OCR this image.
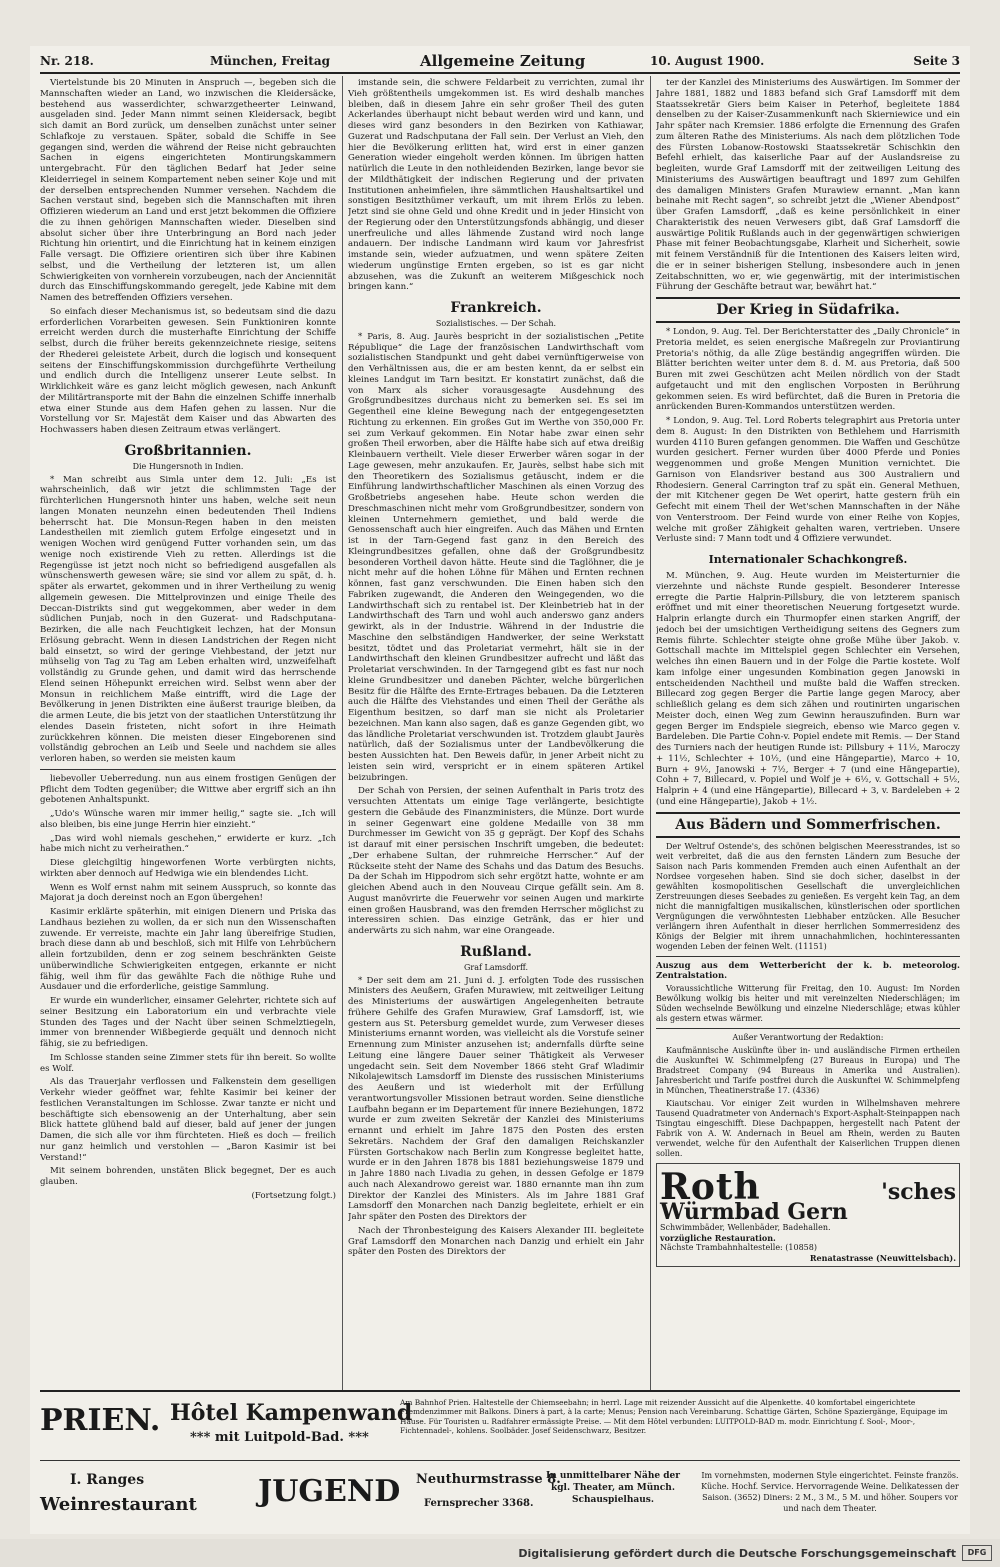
Nr. 218.	München, Freitag	Allgemeine Zeitung	10. August 1900.	Seite 3

Viertelstunde bis 20 Minuten in Anspruch —, begeben sich die Mannschaften wieder an Land, wo inzwischen die Kleidersäcke, bestehend aus wasserdichter, schwarzgetheerter Leinwand, ausgeladen sind. Jeder Mann nimmt seinen Kleidersack, begibt sich damit an Bord zurück, um denselben zunächst unter seiner Schlafkoje zu verstauen. Später, sobald die Schiffe in See gegangen sind, werden die während der Reise nicht gebrauchten Sachen in eigens eingerichteten Montirungskammern untergebracht. Für den täglichen Bedarf hat Jeder seine Kleiderriegel in seinem Kompartement neben seiner Koje und mit der derselben entsprechenden Nummer versehen. Nachdem die Sachen verstaut sind, begeben sich die Mannschaften mit ihren Offizieren wiederum an Land und erst jetzt bekommen die Offiziere die zu ihnen gehörigen Mannschaften wieder. Dieselben sind absolut sicher über ihre Unterbringung an Bord nach jeder Richtung hin orientirt, und die Einrichtung hat in keinem einzigen Falle versagt. Die Offiziere orientiren sich über ihre Kabinen selbst, und die Vertheilung der letzteren ist, um allen Schwierigkeiten von vornherein vorzubeugen, nach der Anciennität durch das Einschiffungskommando geregelt, jede Kabine mit dem Namen des betreffenden Offiziers versehen.

So einfach dieser Mechanismus ist, so bedeutsam sind die dazu erforderlichen Vorarbeiten gewesen. Sein Funktioniren konnte erreicht werden durch die musterhafte Einrichtung der Schiffe selbst, durch die früher bereits gekennzeichnete riesige, seitens der Rhederei geleistete Arbeit, durch die logisch und konsequent seitens der Einschiffungskommission durchgeführte Vertheilung und endlich durch die Intelligenz unserer Leute selbst. In Wirklichkeit wäre es ganz leicht möglich gewesen, nach Ankunft der Militärtransporte mit der Bahn die einzelnen Schiffe innerhalb etwa einer Stunde aus dem Hafen gehen zu lassen. Nur die Vorstellung vor Sr. Majestät dem Kaiser und das Abwarten des Hochwassers haben diesen Zeitraum etwas verlängert.

Großbritannien.
Die Hungersnoth in Indien.

* Man schreibt aus Simla unter dem 12. Juli: „Es ist wahrscheinlich, daß wir jetzt die schlimmsten Tage der fürchterlichen Hungersnoth hinter uns haben, welche seit neun langen Monaten neunzehn einen bedeutenden Theil Indiens beherrscht hat. Die Monsun-Regen haben in den meisten Landestheilen mit ziemlich gutem Erfolge eingesetzt und in wenigen Wochen wird genügend Futter vorhanden sein, um das wenige noch existirende Vieh zu retten. Allerdings ist die Regengüsse ist jetzt noch nicht so befriedigend ausgefallen als wünschenswerth gewesen wäre; sie sind vor allem zu spät, d. h. später als erwartet, gekommen und in ihrer Vertheilung zu wenig allgemein gewesen. Die Mittelprovinzen und einige Theile des Deccan-Distrikts sind gut weggekommen, aber weder in dem südlichen Punjab, noch in den Guzerat- und Radschputana-Bezirken, die alle nach Feuchtigkeit lechzen, hat der Monsun Erlösung gebracht. Wenn in diesen Landstrichen der Regen nicht bald einsetzt, so wird der geringe Viehbestand, der jetzt nur mühselig von Tag zu Tag am Leben erhalten wird, unzweifelhaft vollständig zu Grunde gehen, und damit wird das herrschende Elend seinen Höhepunkt erreichen wird. Selbst wenn aber der Monsun in reichlichem Maße eintrifft, wird die Lage der Bevölkerung in jenen Distrikten eine äußerst traurige bleiben, da die armen Leute, die bis jetzt von der staatlichen Unterstützung ihr elendes Dasein fristeten, nicht sofort in ihre Heimath zurückkehren können. Die meisten dieser Eingeborenen sind vollständig gebrochen an Leib und Seele und nachdem sie alles verloren haben, so werden sie meisten kaum

liebevoller Ueberredung. nun aus einem frostigen Genügen der Pflicht dem Todten gegenüber; die Wittwe aber ergriff sich an ihn gebotenen Anhaltspunkt.

„Udo's Wünsche waren mir immer heilig,“ sagte sie. „Ich will also bleiben, bis eine junge Herrin hier einzieht.“

„Das wird wohl niemals geschehen,“ erwiderte er kurz. „Ich habe mich nicht zu verheirathen.“

Diese gleichgiltig hingeworfenen Worte verbürgten nichts, wirkten aber dennoch auf Hedwiga wie ein blendendes Licht.

Wenn es Wolf ernst nahm mit seinem Ausspruch, so konnte das Majorat ja doch dereinst noch an Egon übergehen!

Kasimir erklärte späterhin, mit einigen Dienern und Priska das Landhaus beziehen zu wollen, da er sich nun den Wissenschaften zuwende. Er verreiste, machte ein Jahr lang übereifrige Studien, brach diese dann ab und beschloß, sich mit Hilfe von Lehrbüchern allein fortzubilden, denn er zog seinem beschränkten Geiste unüberwindliche Schwierigkeiten entgegen, erkannte er nicht fähig, weil ihm für das gewählte Fach die nöthige Ruhe und Ausdauer und die erforderliche, geistige Sammlung.

Er wurde ein wunderlicher, einsamer Gelehrter, richtete sich auf seiner Besitzung ein Laboratorium ein und verbrachte viele Stunden des Tages und der Nacht über seinen Schmelztiegeln, immer von brennender Wißbegierde gequält und dennoch nicht fähig, sie zu befriedigen.

Im Schlosse standen seine Zimmer stets für ihn bereit. So wollte es Wolf.

Als das Trauerjahr verflossen und Falkenstein dem geselligen Verkehr wieder geöffnet war, fehlte Kasimir bei keiner der festlichen Veranstaltungen im Schlosse. Zwar tanzte er nicht und beschäftigte sich ebensowenig an der Unterhaltung, aber sein Blick hattete glühend bald auf dieser, bald auf jener der jungen Damen, die sich alle vor ihm fürchteten. Hieß es doch — freilich nur ganz heimlich und verstohlen — „Baron Kasimir ist bei Verstand!“

Mit seinem bohrenden, unstäten Blick begegnet, Der es auch glauben.

(Fortsetzung folgt.)

imstande sein, die schwere Feldarbeit zu verrichten, zumal ihr Vieh größtentheils umgekommen ist. Es wird deshalb manches bleiben, daß in diesem Jahre ein sehr großer Theil des guten Ackerlandes überhaupt nicht bebaut werden wird und kann, und dieses wird ganz besonders in den Bezirken von Kathiawar, Guzerat und Radschputana der Fall sein. Der Verlust an Vieh, den hier die Bevölkerung erlitten hat, wird erst in einer ganzen Generation wieder eingeholt werden können. Im übrigen hatten natürlich die Leute in den nothleidenden Bezirken, lange bevor sie der Mildthätigkeit der indischen Regierung und der privaten Institutionen anheimfielen, ihre sämmtlichen Haushaltsartikel und sonstigen Besitzthümer verkauft, um mit ihrem Erlös zu leben. Jetzt sind sie ohne Geld und ohne Kredit und in jeder Hinsicht von der Regierung oder den Unterstützungsfonds abhängig, und dieser unerfreuliche und alles lähmende Zustand wird noch lange andauern. Der indische Landmann wird kaum vor Jahresfrist imstande sein, wieder aufzuatmen, und wenn spätere Zeiten wiederum ungünstige Ernten ergeben, so ist es gar nicht abzusehen, was die Zukunft an weiterem Mißgeschick noch bringen kann.“

Frankreich.
Sozialistisches. — Der Schah.

* Paris, 8. Aug. Jaurès bespricht in der sozialistischen „Petite République“ die Lage der französischen Landwirthschaft vom sozialistischen Standpunkt und geht dabei vernünftigerweise von den Verhältnissen aus, die er am besten kennt, da er selbst ein kleines Landgut im Tarn besitzt. Er konstatirt zunächst, daß die von Marx als sicher vorausgesagte Ausdehnung des Großgrundbesitzes durchaus nicht zu bemerken sei. Es sei im Gegentheil eine kleine Bewegung nach der entgegengesetzten Richtung zu erkennen. Ein großes Gut im Werthe von 350,000 Fr. sei zum Verkauf gekommen. Ein Notar habe zwar einen sehr großen Theil erworben, aber die Hälfte habe sich auf etwa dreißig Kleinbauern vertheilt. Viele dieser Erwerber wären sogar in der Lage gewesen, mehr anzukaufen. Er, Jaurès, selbst habe sich mit den Theoretikern des Sozialismus getäuscht, indem er die Einführung landwirthschaftlicher Maschinen als einen Vorzug des Großbetriebs angesehen habe. Heute schon werden die Dreschmaschinen nicht mehr vom Großgrundbesitzer, sondern von kleinen Unternehmern gemiethet, und bald werde die Genossenschaft auch hier eingreifen. Auch das Mähen und Ernten ist in der Tarn-Gegend fast ganz in den Bereich des Kleingrundbesitzes gefallen, ohne daß der Großgrundbesitz besonderen Vortheil davon hätte. Heute sind die Taglöhner, die je nicht mehr auf die hohen Löhne für Mähen und Ernten rechnen können, fast ganz verschwunden. Die Einen haben sich den Fabriken zugewandt, die Anderen den Weingegenden, wo die Landwirthschaft sich zu rentabel ist. Der Kleinbetrieb hat in der Landwirthschaft des Tarn und wohl auch anderswo ganz anders gewirkt, als in der Industrie. Während in der Industrie die Maschine den selbständigen Handwerker, der seine Werkstatt besitzt, tödtet und das Proletariat vermehrt, hält sie in der Landwirthschaft den kleinen Grundbesitzer aufrecht und läßt das Proletariat verschwinden. In der Tarngegend gibt es fast nur noch kleine Grundbesitzer und daneben Pächter, welche bürgerlichen Besitz für die Hälfte des Ernte-Ertrages bebauen. Da die Letzteren auch die Hälfte des Viehstandes und einen Theil der Geräthe als Eigenthum besitzen, so darf man sie nicht als Proletarier bezeichnen. Man kann also sagen, daß es ganze Gegenden gibt, wo das ländliche Proletariat verschwunden ist. Trotzdem glaubt Jaurès natürlich, daß der Sozialismus unter der Landbevölkerung die besten Aussichten hat. Den Beweis dafür, in jener Arbeit nicht zu leisten sein wird, verspricht er in einem späteren Artikel beizubringen.

Der Schah von Persien, der seinen Aufenthalt in Paris trotz des versuchten Attentats um einige Tage verlängerte, besichtigte gestern die Gebäude des Finanzministers, die Münze. Dort wurde in seiner Gegenwart eine goldene Medaille von 38 mm Durchmesser im Gewicht von 35 g geprägt. Der Kopf des Schahs ist darauf mit einer persischen Inschrift umgeben, die bedeutet: „Der erhabene Sultan, der ruhmreiche Herrscher.“ Auf der Rückseite steht der Name des Schahs und das Datum des Besuchs. Da der Schah im Hippodrom sich sehr ergötzt hatte, wohnte er am gleichen Abend auch in den Nouveau Cirque gefällt sein. Am 8. August manövrirte die Feuerwehr vor seinen Augen und markirte einen großen Hausbrand, was den fremden Herrscher möglichst zu interessiren schien. Das einzige Getränk, das er hier und anderwärts zu sich nahm, war eine Orangeade.

Rußland.
Graf Lamsdorff.

* Der seit dem am 21. Juni d. J. erfolgten Tode des russischen Ministers des Aeußern, Grafen Murawiew, mit zeitweiliger Leitung des Ministeriums der auswärtigen Angelegenheiten betraute frühere Gehilfe des Grafen Murawiew, Graf Lamsdorff, ist, wie gestern aus St. Petersburg gemeldet wurde, zum Verweser dieses Ministeriums ernannt worden, was vielleicht als die Vorstufe seiner Ernennung zum Minister anzusehen ist; andernfalls dürfte seine Leitung eine längere Dauer seiner Thätigkeit als Verweser ungedacht sein. Seit dem November 1866 steht Graf Wladimir Nikolajewitsch Lamsdorff im Dienste des russischen Ministeriums des Aeußern und ist wiederholt mit der Erfüllung verantwortungsvoller Missionen betraut worden. Seine dienstliche Laufbahn begann er im Departement für innere Beziehungen, 1872 wurde er zum zweiten Sekretär der Kanzlei des Ministeriums ernannt und erhielt im Jahre 1875 den Posten des ersten Sekretärs. Nachdem der Graf den damaligen Reichskanzler Fürsten Gortschakow nach Berlin zum Kongresse begleitet hatte, wurde er in den Jahren 1878 bis 1881 beziehungsweise 1879 und in Jahre 1880 nach Livadia zu gehen, in dessen Gefolge er 1879 auch nach Alexandrowo gereist war. 1880 ernannte man ihn zum Direktor der Kanzlei des Ministers. Als im Jahre 1881 Graf Lamsdorff den Monarchen nach Danzig begleitete, erhielt er ein Jahr später den Posten des Direktors der

Nach der Thronbesteigung des Kaisers Alexander III. begleitete Graf Lamsdorff den Monarchen nach Danzig und erhielt ein Jahr später den Posten des Direktors der

ter der Kanzlei des Ministeriums des Auswärtigen. Im Sommer der Jahre 1881, 1882 und 1883 befand sich Graf Lamsdorff mit dem Staatssekretär Giers beim Kaiser in Peterhof, begleitete 1884 denselben zu der Kaiser-Zusammenkunft nach Skierniewice und ein Jahr später nach Kremsier. 1886 erfolgte die Ernennung des Grafen zum älteren Rathe des Ministeriums. Als nach dem plötzlichen Tode des Fürsten Lobanow-Rostowski Staatssekretär Schischkin den Befehl erhielt, das kaiserliche Paar auf der Auslandsreise zu begleiten, wurde Graf Lamsdorff mit der zeitweiligen Leitung des Ministeriums des Auswärtigen beauftragt und 1897 zum Gehilfen des damaligen Ministers Grafen Murawiew ernannt. „Man kann beinahe mit Recht sagen“, so schreibt jetzt die „Wiener Abendpost“ über Grafen Lamsdorff, „daß es keine persönlichkeit in einer Charakteristik des neuen Verwesers gibt, daß Graf Lamsdorff die auswärtige Politik Rußlands auch in der gegenwärtigen schwierigen Phase mit feiner Beobachtungsgabe, Klarheit und Sicherheit, sowie mit feinem Verständniß für die Intentionen des Kaisers leiten wird, die er in seiner bisherigen Stellung, insbesondere auch in jenen Zeitabschnitten, wo er, wie gegenwärtig, mit der interimistischen Führung der Geschäfte betraut war, bewährt hat.“

Der Krieg in Südafrika.

* London, 9. Aug. Tel. Der Berichterstatter des „Daily Chronicle“ in Pretoria meldet, es seien energische Maßregeln zur Proviantirung Pretoria's nöthig, da alle Züge beständig angegriffen würden. Die Blätter berichten weiter unter dem 8. d. M. aus Pretoria, daß 500 Buren mit zwei Geschützen acht Meilen nördlich von der Stadt aufgetaucht und mit den englischen Vorposten in Berührung gekommen seien. Es wird befürchtet, daß die Buren in Pretoria die anrückenden Buren-Kommandos unterstützen werden.

* London, 9. Aug. Tel. Lord Roberts telegraphirt aus Pretoria unter dem 8. August: In den Distrikten von Bethlehem und Harrismith wurden 4110 Buren gefangen genommen. Die Waffen und Geschütze wurden gesichert. Ferner wurden über 4000 Pferde und Ponies weggenommen und große Mengen Munition vernichtet. Die Garnison von Elandsriver bestand aus 300 Australiern und Rhodesiern. General Carrington traf zu spät ein. General Methuen, der mit Kitchener gegen De Wet operirt, hatte gestern früh ein Gefecht mit einem Theil der Wet'schen Mannschaften in der Nähe von Venterstroom. Der Feind wurde von einer Reihe von Kopjes, welche mit großer Zähigkeit gehalten waren, vertrieben. Unsere Verluste sind: 7 Mann todt und 4 Offiziere verwundet.

Internationaler Schachkongreß.

M. München, 9. Aug. Heute wurden im Meisterturnier die vierzehnte und nächste Runde gespielt. Besonderer Interesse erregte die Partie Halprin-Pillsbury, die von letzterem spanisch eröffnet und mit einer theoretischen Neuerung fortgesetzt wurde. Halprin erlangte durch ein Thurmopfer einen starken Angriff, der jedoch bei der umsichtigen Vertheidigung seitens des Gegners zum Remis führte. Schlechter steigte ohne große Mühe über Jakob. v. Gottschall machte im Mittelspiel gegen Schlechter ein Versehen, welches ihn einen Bauern und in der Folge die Partie kostete. Wolf kam infolge einer ungesunden Kombination gegen Janowski in entscheidenden Nachtheil und mußte bald die Waffen strecken. Billecard zog gegen Berger die Partie lange gegen Marocy, aber schließlich gelang es dem sich zähen und routinirten ungarischen Meister doch, einen Weg zum Gewinn herauszufinden. Burn war gegen Berger im Endspiele siegreich, ebenso wie Marco gegen v. Bardeleben. Die Partie Cohn-v. Popiel endete mit Remis. — Der Stand des Turniers nach der heutigen Runde ist: Pillsbury + 11½, Maroczy + 11½, Schlechter + 10½, (und eine Hängepartie), Marco + 10, Burn + 9½, Janowski + 7½, Berger + 7 (und eine Hängepartie), Cohn + 7, Billecard, v. Popiel und Wolf je + 6½, v. Gottschall + 5½, Halprin + 4 (und eine Hängepartie), Billecard + 3, v. Bardeleben + 2 (und eine Hängepartie), Jakob + 1½.

Aus Bädern und Sommerfrischen.

Der Weltruf Ostende's, des schönen belgischen Meeresstrandes, ist so weit verbreitet, daß die aus den fernsten Ländern zum Besuche der Saison nach Paris kommenden Fremden auch einen Aufenthalt an der Nordsee vorgesehen haben. Sind sie doch sicher, daselbst in der gewählten kosmopolitischen Gesellschaft die unvergleichlichen Zerstreuungen dieses Seebades zu genießen. Es vergeht kein Tag, an dem nicht die mannigfaltigen musikalischen, künstlerischen oder sportlichen Vergnügungen die verwöhntesten Liebhaber entzücken. Alle Besucher verlängern ihren Aufenthalt in dieser herrlichen Sommerresidenz des Königs der Belgier mit ihrem unnachahmlichen, hochinteressanten wogenden Leben der feinen Welt. (11151)

Auszug aus dem Wetterbericht der k. b. meteorolog. Zentralstation.

Voraussichtliche Witterung für Freitag, den 10. August: Im Norden Bewölkung wolkig bis heiter und mit vereinzelten Niederschlägen; im Süden wechselnde Bewölkung und einzelne Niederschläge; etwas kühler als gestern etwas wärmer.

Außer Verantwortung der Redaktion:

Kaufmännische Auskünfte über in- und ausländische Firmen ertheilen die Auskunftei W. Schimmelpfeng (27 Bureaus in Europa) und The Bradstreet Company (94 Bureaus in Amerika und Australien). Jahresbericht und Tarife postfrei durch die Auskunftei W. Schimmelpfeng in München, Theatinerstraße 17. (4336)

Kiautschau. Vor einiger Zeit wurden in Wilhelmshaven mehrere Tausend Quadratmeter von Andernach's Export-Asphalt-Steinpappen nach Tsingtau eingeschifft. Diese Dachpappen, hergestellt nach Patent der Fabrik von A. W. Andernach in Beuel am Rhein, werden zu Bauten verwendet, welche für den Aufenthalt der Kaiserlichen Truppen dienen sollen.

Roth	'sches Würmbad Gern
Schwimmbäder, Wellenbäder, Badehallen.
vorzügliche Restauration.
Nächste Trambahnhaltestelle: (10858)
Renatastrasse (Neuwittelsbach).
PRIEN. Hôtel Kampenwand
*** mit Luitpold-Bad. ***
Am Bahnhof Prien. Haltestelle der Chiemseebahn; in herrl. Lage mit reizender Aussicht auf die Alpenkette. 40 komfortabel eingerichtete Fremdenzimmer mit Balkons. Diners à part, à la carte; Menus; Pension nach Vereinbarung. Schattige Gärten, Schöne Spaziergänge, Equipage im Hause. Für Touristen u. Radfahrer ermässigte Preise. — Mit dem Hôtel verbunden: LUITPOLD-BAD m. modr. Einrichtung f. Sool-, Moor-, Fichtennadel-, kohlens. Soolbäder. Josef Seidenschwarz, Besitzer.
I. Ranges
Weinrestaurant JUGEND Neuthurmstrasse 8.
Fernsprecher 3368.
In unmittelbarer Nähe der kgl. Theater, am Münch. Schauspielhaus.
Im vornehmsten, modernen Style eingerichtet. Feinste französ. Küche. Hochf. Service. Hervorragende Weine. Delikatessen der Saison. (3652) Diners: 2 M., 3 M., 5 M. und höher. Soupers vor und nach dem Theater.
Digitalisierung gefördert durch die Deutsche Forschungsgemeinschaft	DFG
